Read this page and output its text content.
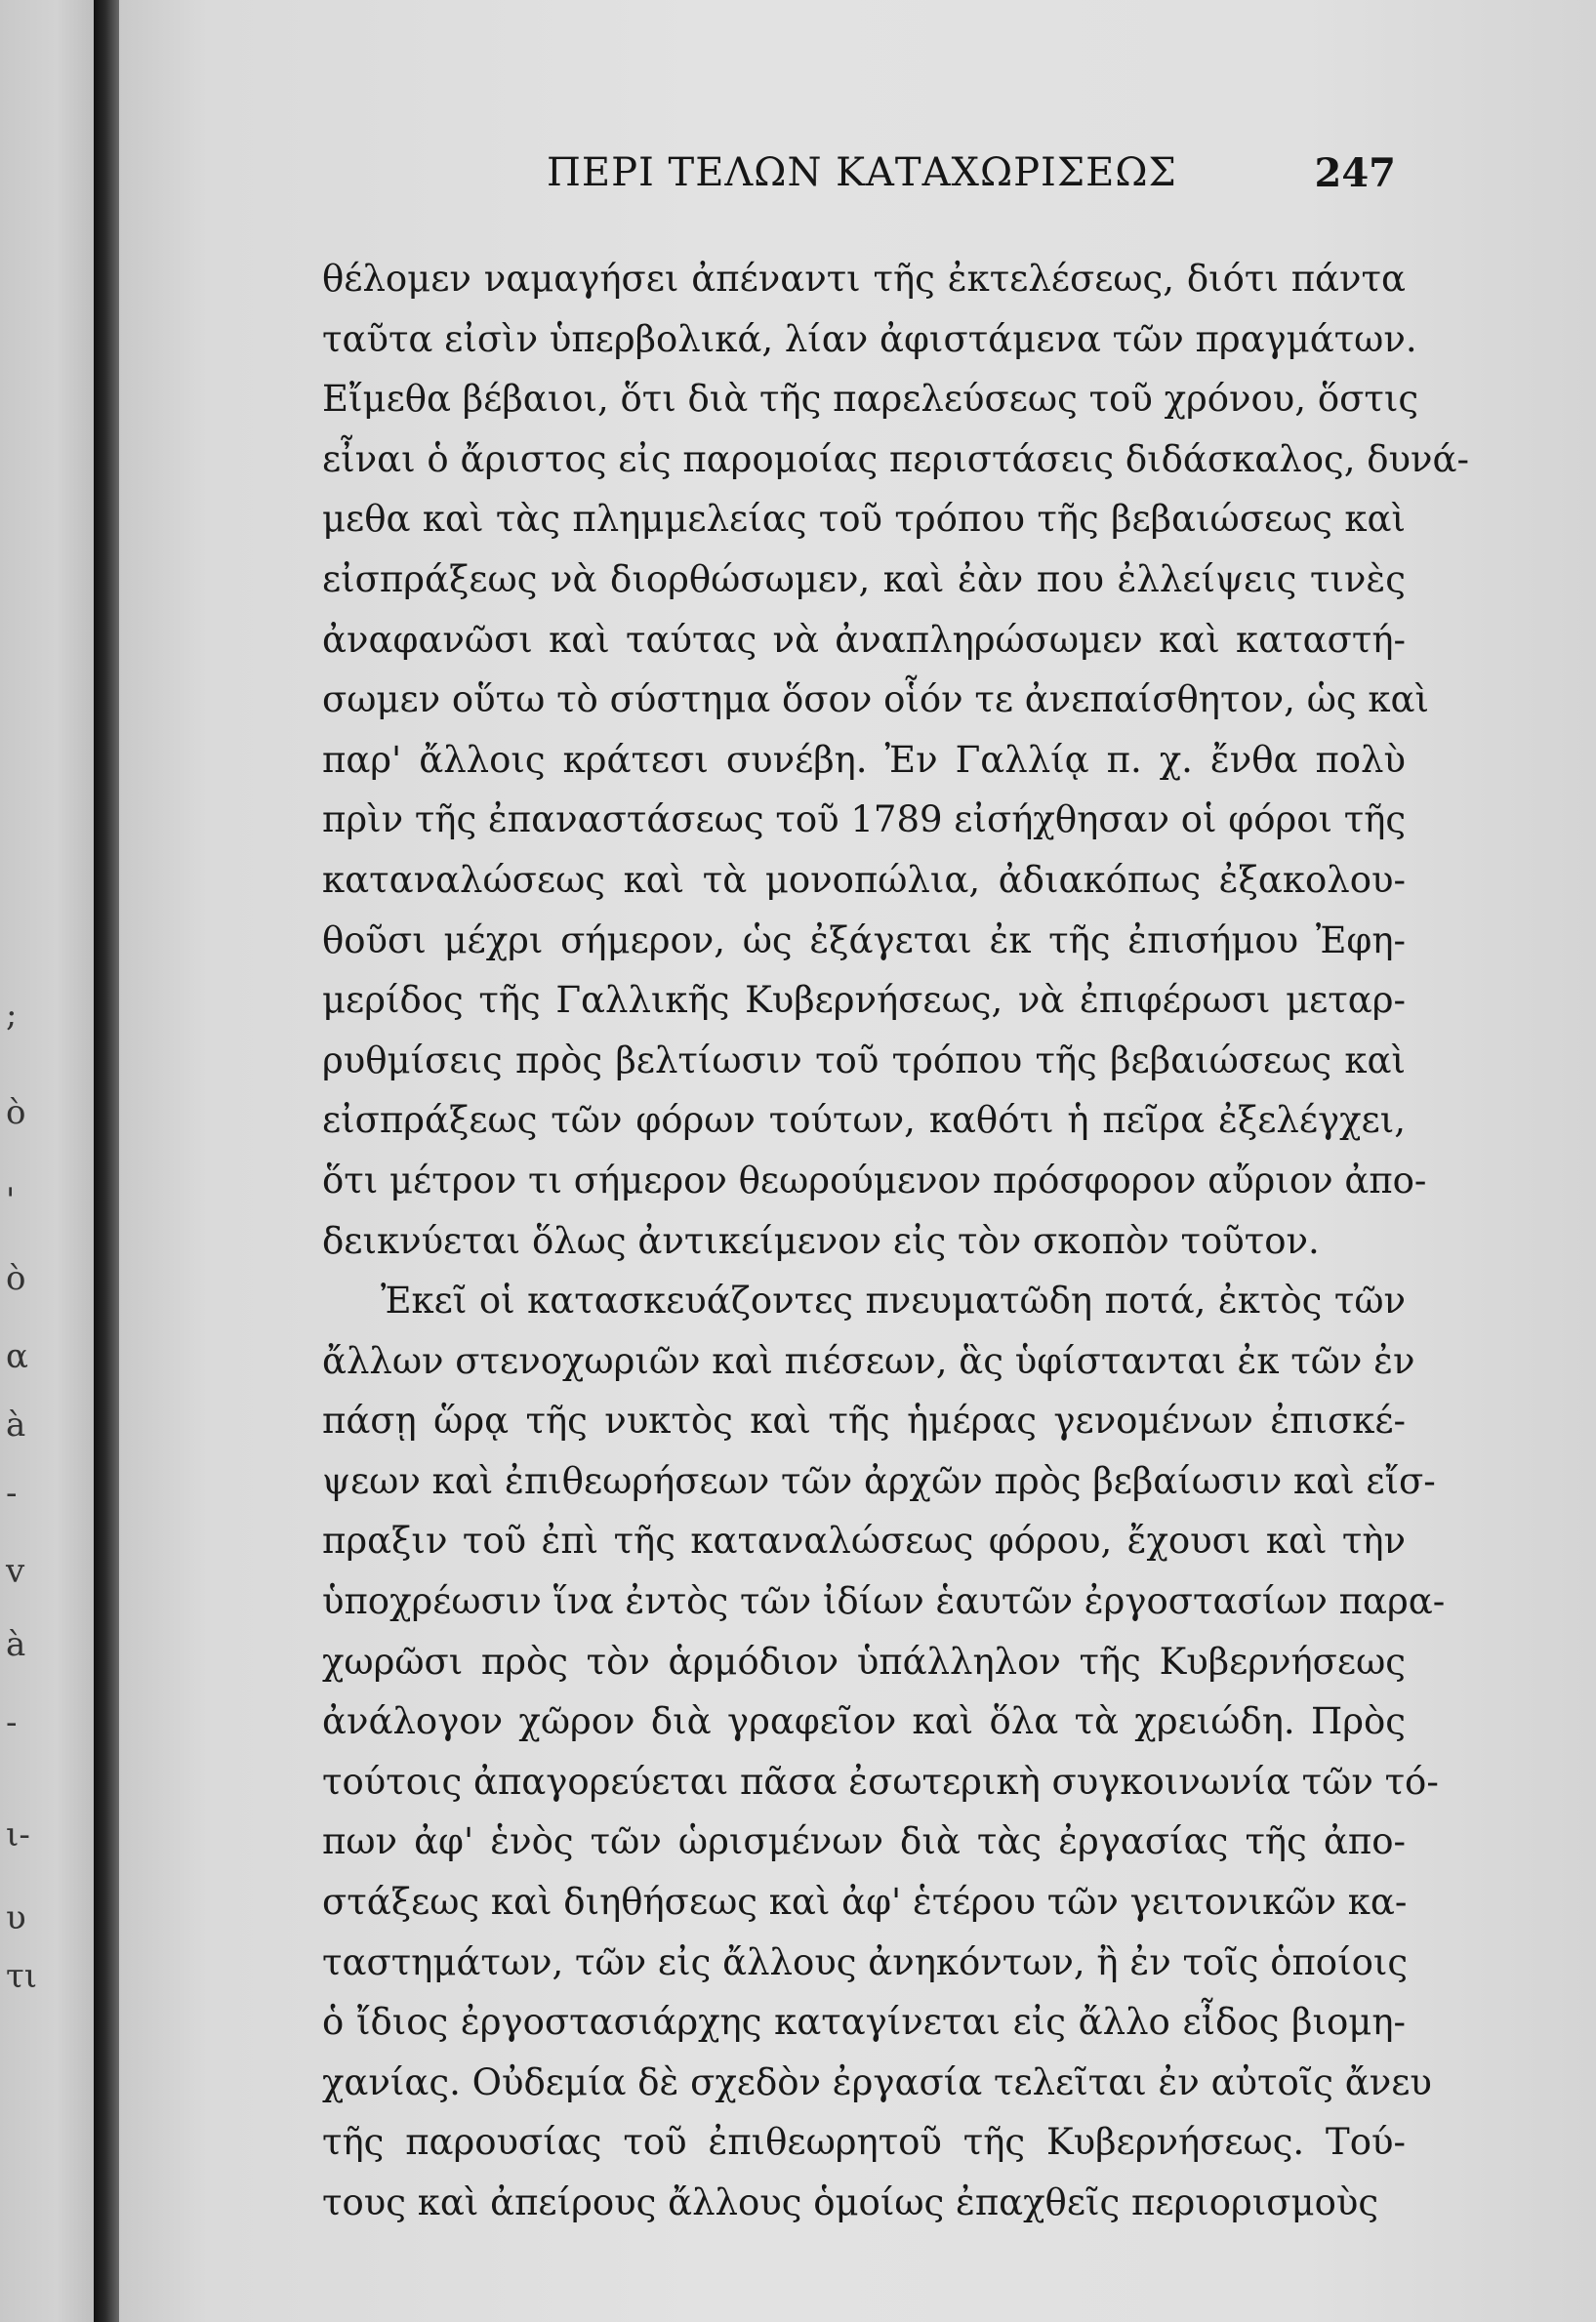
;
ò
'
ò
α
à
-
v
à
-
ι-
υ
τι
ΠΕΡΙ ΤΕΛΩΝ ΚΑΤΑΧΩΡΙΣΕΩΣ	247
θέλομεν ναμαγήσει ἀπέναντι τῆς ἐκτελέσεως, διότι πάντα
ταῦτα εἰσὶν ὑπερβολικά, λίαν ἀφιστάμενα τῶν πραγμάτων.
Εἴμεθα βέβαιοι, ὅτι διὰ τῆς παρελεύσεως τοῦ χρόνου, ὅστις
εἶναι ὁ ἄριστος εἰς παρομοίας περιστάσεις διδάσκαλος, δυνά-
μεθα καὶ τὰς πλημμελείας τοῦ τρόπου τῆς βεβαιώσεως καὶ
εἰσπράξεως νὰ διορθώσωμεν, καὶ ἐὰν που ἐλλείψεις τινὲς
ἀναφανῶσι καὶ ταύτας νὰ ἀναπληρώσωμεν καὶ καταστή-
σωμεν οὕτω τὸ σύστημα ὅσον οἷόν τε ἀνεπαίσθητον, ὡς καὶ
παρ' ἄλλοις κράτεσι συνέβη. Ἐν Γαλλίᾳ π. χ. ἔνθα πολὺ
πρὶν τῆς ἐπαναστάσεως τοῦ 1789 εἰσήχθησαν οἱ φόροι τῆς
καταναλώσεως καὶ τὰ μονοπώλια, ἀδιακόπως ἐξακολου-
θοῦσι μέχρι σήμερον, ὡς ἐξάγεται ἐκ τῆς ἐπισήμου Ἐφη-
μερίδος τῆς Γαλλικῆς Κυβερνήσεως, νὰ ἐπιφέρωσι μεταρ-
ρυθμίσεις πρὸς βελτίωσιν τοῦ τρόπου τῆς βεβαιώσεως καὶ
εἰσπράξεως τῶν φόρων τούτων, καθότι ἡ πεῖρα ἐξελέγχει,
ὅτι μέτρον τι σήμερον θεωρούμενον πρόσφορον αὔριον ἀπο-
δεικνύεται ὅλως ἀντικείμενον εἰς τὸν σκοπὸν τοῦτον.
Ἐκεῖ οἱ κατασκευάζοντες πνευματῶδη ποτά, ἐκτὸς τῶν
ἄλλων στενοχωριῶν καὶ πιέσεων, ἃς ὑφίστανται ἐκ τῶν ἐν
πάσῃ ὥρᾳ τῆς νυκτὸς καὶ τῆς ἡμέρας γενομένων ἐπισκέ-
ψεων καὶ ἐπιθεωρήσεων τῶν ἀρχῶν πρὸς βεβαίωσιν καὶ εἴσ-
πραξιν τοῦ ἐπὶ τῆς καταναλώσεως φόρου, ἔχουσι καὶ τὴν
ὑποχρέωσιν ἵνα ἐντὸς τῶν ἰδίων ἑαυτῶν ἐργοστασίων παρα-
χωρῶσι πρὸς τὸν ἁρμόδιον ὑπάλληλον τῆς Κυβερνήσεως
ἀνάλογον χῶρον διὰ γραφεῖον καὶ ὅλα τὰ χρειώδη. Πρὸς
τούτοις ἀπαγορεύεται πᾶσα ἐσωτερικὴ συγκοινωνία τῶν τό-
πων ἀφ' ἑνὸς τῶν ὡρισμένων διὰ τὰς ἐργασίας τῆς ἀπο-
στάξεως καὶ διηθήσεως καὶ ἀφ' ἑτέρου τῶν γειτονικῶν κα-
ταστημάτων, τῶν εἰς ἄλλους ἀνηκόντων, ἢ ἐν τοῖς ὁποίοις
ὁ ἴδιος ἐργοστασιάρχης καταγίνεται εἰς ἄλλο εἶδος βιομη-
χανίας. Οὐδεμία δὲ σχεδὸν ἐργασία τελεῖται ἐν αὐτοῖς ἄνευ
τῆς παρουσίας τοῦ ἐπιθεωρητοῦ τῆς Κυβερνήσεως. Τού-
τους καὶ ἀπείρους ἄλλους ὁμοίως ἐπαχθεῖς περιορισμοὺς
